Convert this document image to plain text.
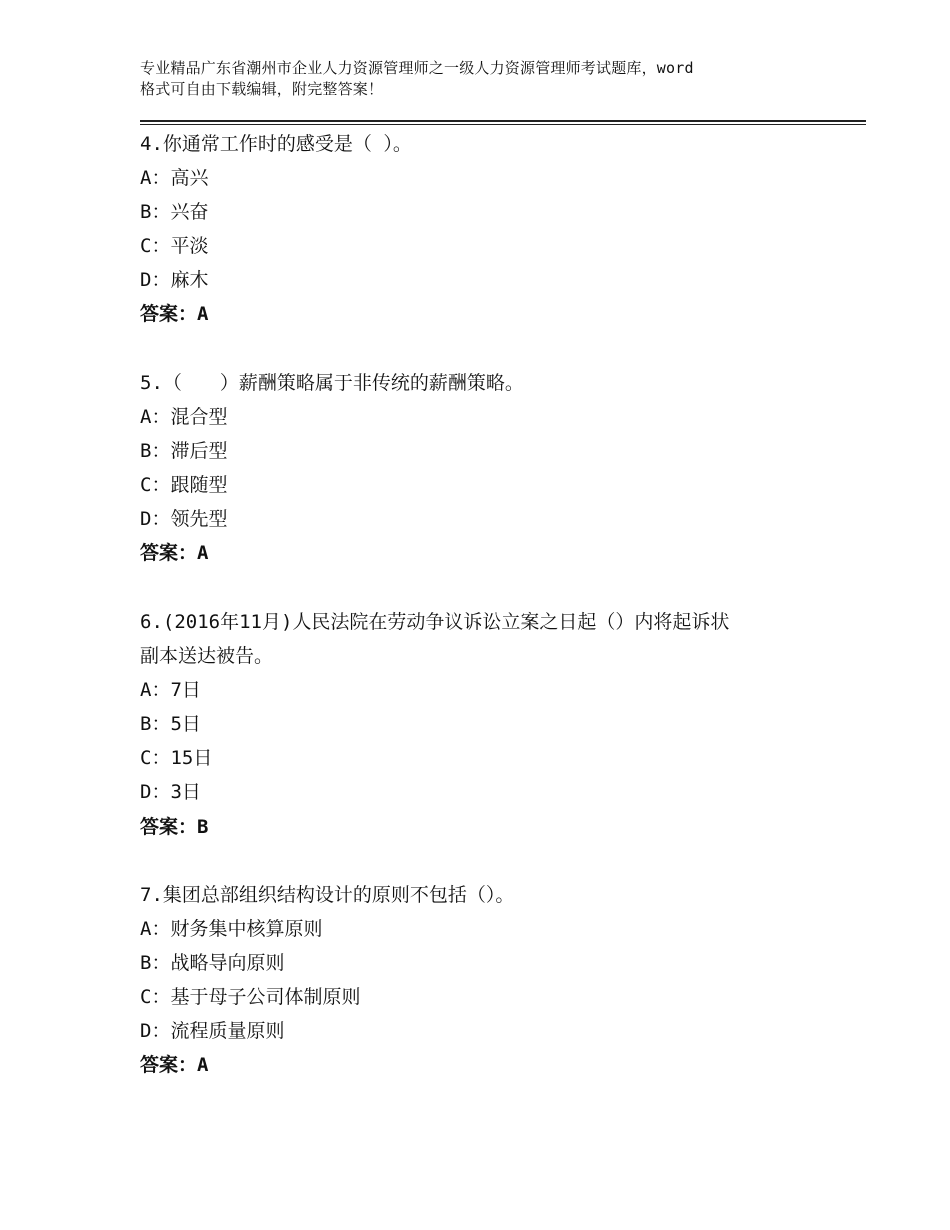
专业精品广东省潮州市企业人力资源管理师之一级人力资源管理师考试题库，word
格式可自由下载编辑，附完整答案！
4.你通常工作时的感受是（ ）。
A：高兴
B：兴奋
C：平淡
D：麻木
答案：A
5.（　　）薪酬策略属于非传统的薪酬策略。
A：混合型
B：滞后型
C：跟随型
D：领先型
答案：A
6.(2016年11月)人民法院在劳动争议诉讼立案之日起（）内将起诉状
副本送达被告。
A：7日
B：5日
C：15日
D：3日
答案：B
7.集团总部组织结构设计的原则不包括（）。
A：财务集中核算原则
B：战略导向原则
C：基于母子公司体制原则
D：流程质量原则
答案：A
